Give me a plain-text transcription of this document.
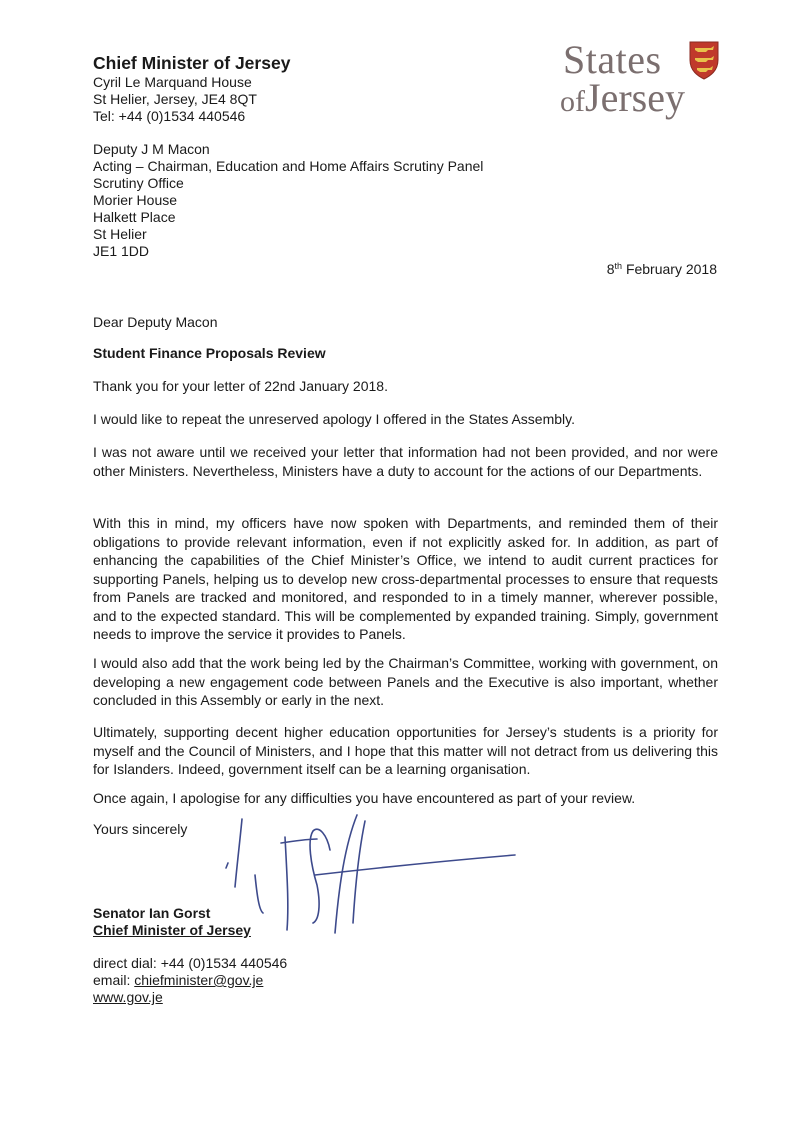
Chief Minister of Jersey
Cyril Le Marquand House
St Helier, Jersey, JE4 8QT
Tel: +44 (0)1534 440546
States
ofJersey
Deputy J M Macon
Acting – Chairman, Education and Home Affairs Scrutiny Panel
Scrutiny Office
Morier House
Halkett Place
St Helier
JE1 1DD
8th February 2018

Dear Deputy Macon

Student Finance Proposals Review

Thank you for your letter of 22nd January 2018.

I would like to repeat the unreserved apology I offered in the States Assembly.

I was not aware until we received your letter that information had not been provided, and nor were other Ministers. Nevertheless, Ministers have a duty to account for the actions of our Departments.

With this in mind, my officers have now spoken with Departments, and reminded them of their obligations to provide relevant information, even if not explicitly asked for. In addition, as part of enhancing the capabilities of the Chief Minister’s Office, we intend to audit current practices for supporting Panels, helping us to develop new cross-departmental processes to ensure that requests from Panels are tracked and monitored, and responded to in a timely manner, wherever possible, and to the expected standard. This will be complemented by expanded training. Simply, government needs to improve the service it provides to Panels.

I would also add that the work being led by the Chairman’s Committee, working with government, on developing a new engagement code between Panels and the Executive is also important, whether concluded in this Assembly or early in the next.

Ultimately, supporting decent higher education opportunities for Jersey’s students is a priority for myself and the Council of Ministers, and I hope that this matter will not detract from us delivering this for Islanders. Indeed, government itself can be a learning organisation.

Once again, I apologise for any difficulties you have encountered as part of your review.

Yours sincerely

Senator Ian Gorst
Chief Minister of Jersey
direct dial: +44 (0)1534 440546
email: chiefminister@gov.je
www.gov.je
